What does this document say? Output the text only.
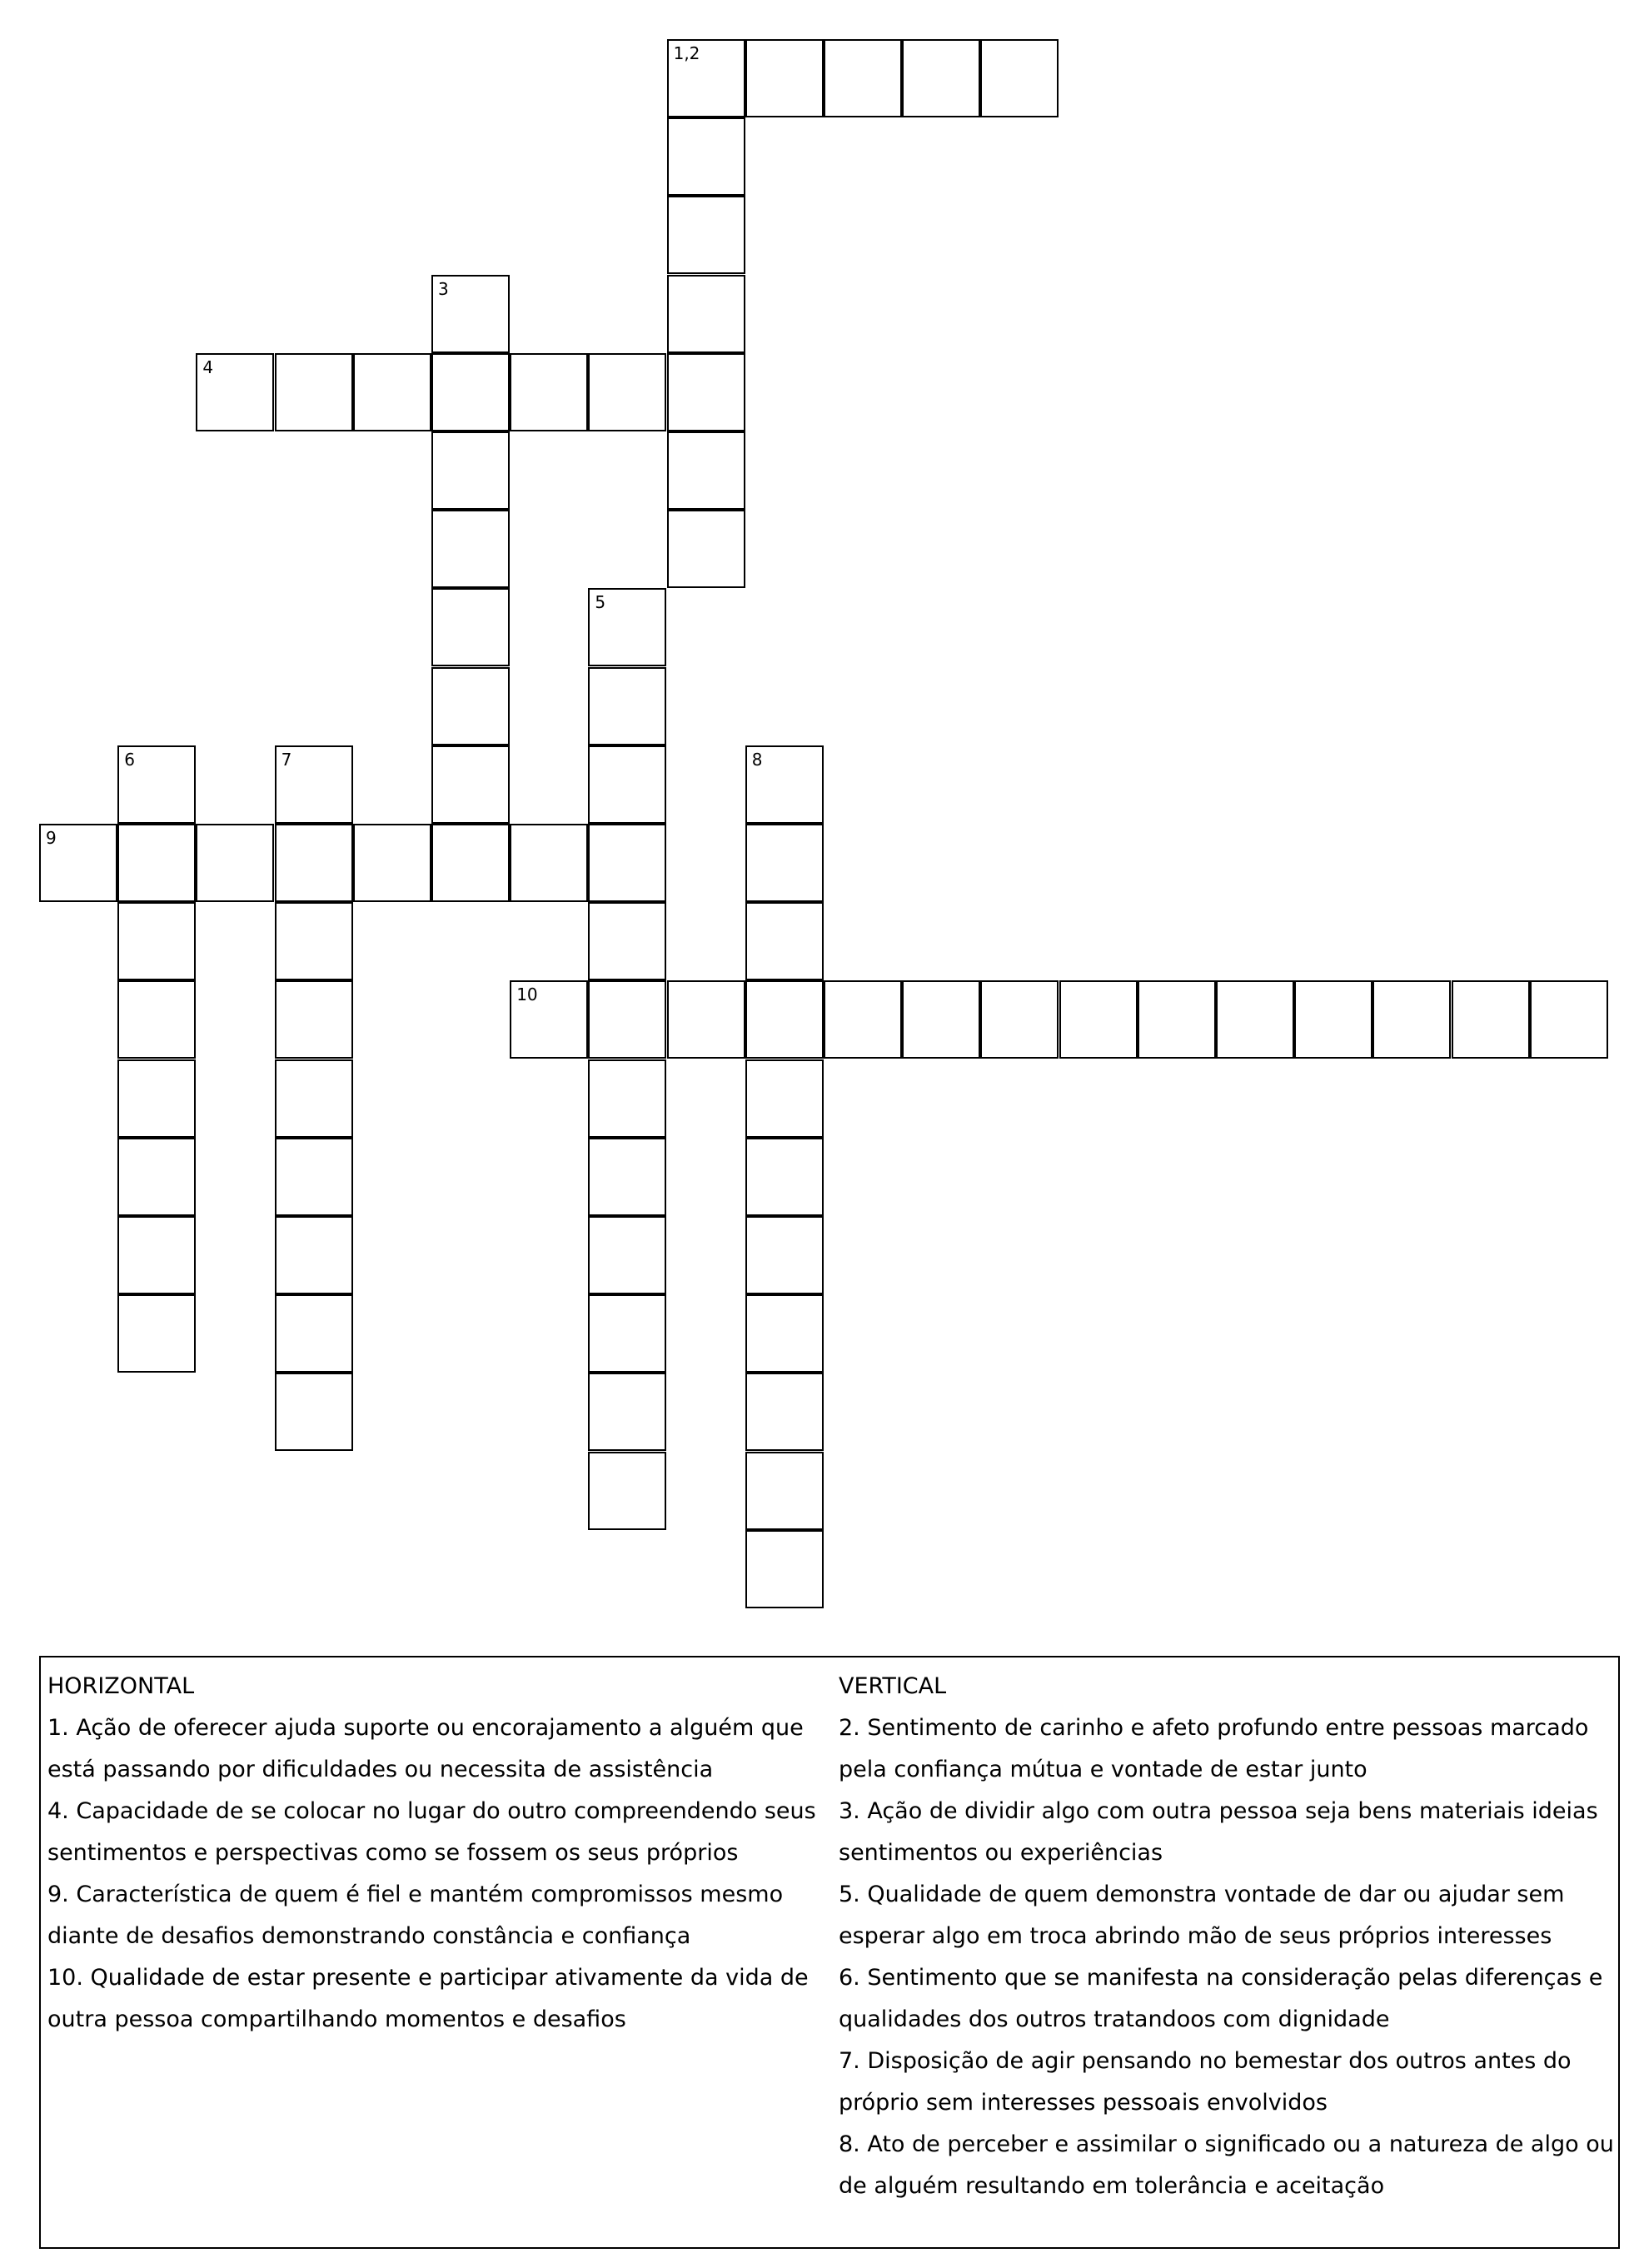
1,2
3
4
5
6	7	8
9
10
HORIZONTAL
1. Ação de oferecer ajuda suporte ou encorajamento a alguém que está passando por dificuldades ou necessita de assistência
4. Capacidade de se colocar no lugar do outro compreendendo seus sentimentos e perspectivas como se fossem os seus próprios
9. Característica de quem é fiel e mantém compromissos mesmo diante de desafios demonstrando constância e confiança
10. Qualidade de estar presente e participar ativamente da vida de outra pessoa compartilhando momentos e desafios
VERTICAL
2. Sentimento de carinho e afeto profundo entre pessoas marcado pela confiança mútua e vontade de estar junto
3. Ação de dividir algo com outra pessoa seja bens materiais ideias sentimentos ou experiências
5. Qualidade de quem demonstra vontade de dar ou ajudar sem esperar algo em troca abrindo mão de seus próprios interesses
6. Sentimento que se manifesta na consideração pelas diferenças e qualidades dos outros tratandoos com dignidade
7. Disposição de agir pensando no bemestar dos outros antes do próprio sem interesses pessoais envolvidos
8. Ato de perceber e assimilar o significado ou a natureza de algo ou de alguém resultando em tolerância e aceitação
